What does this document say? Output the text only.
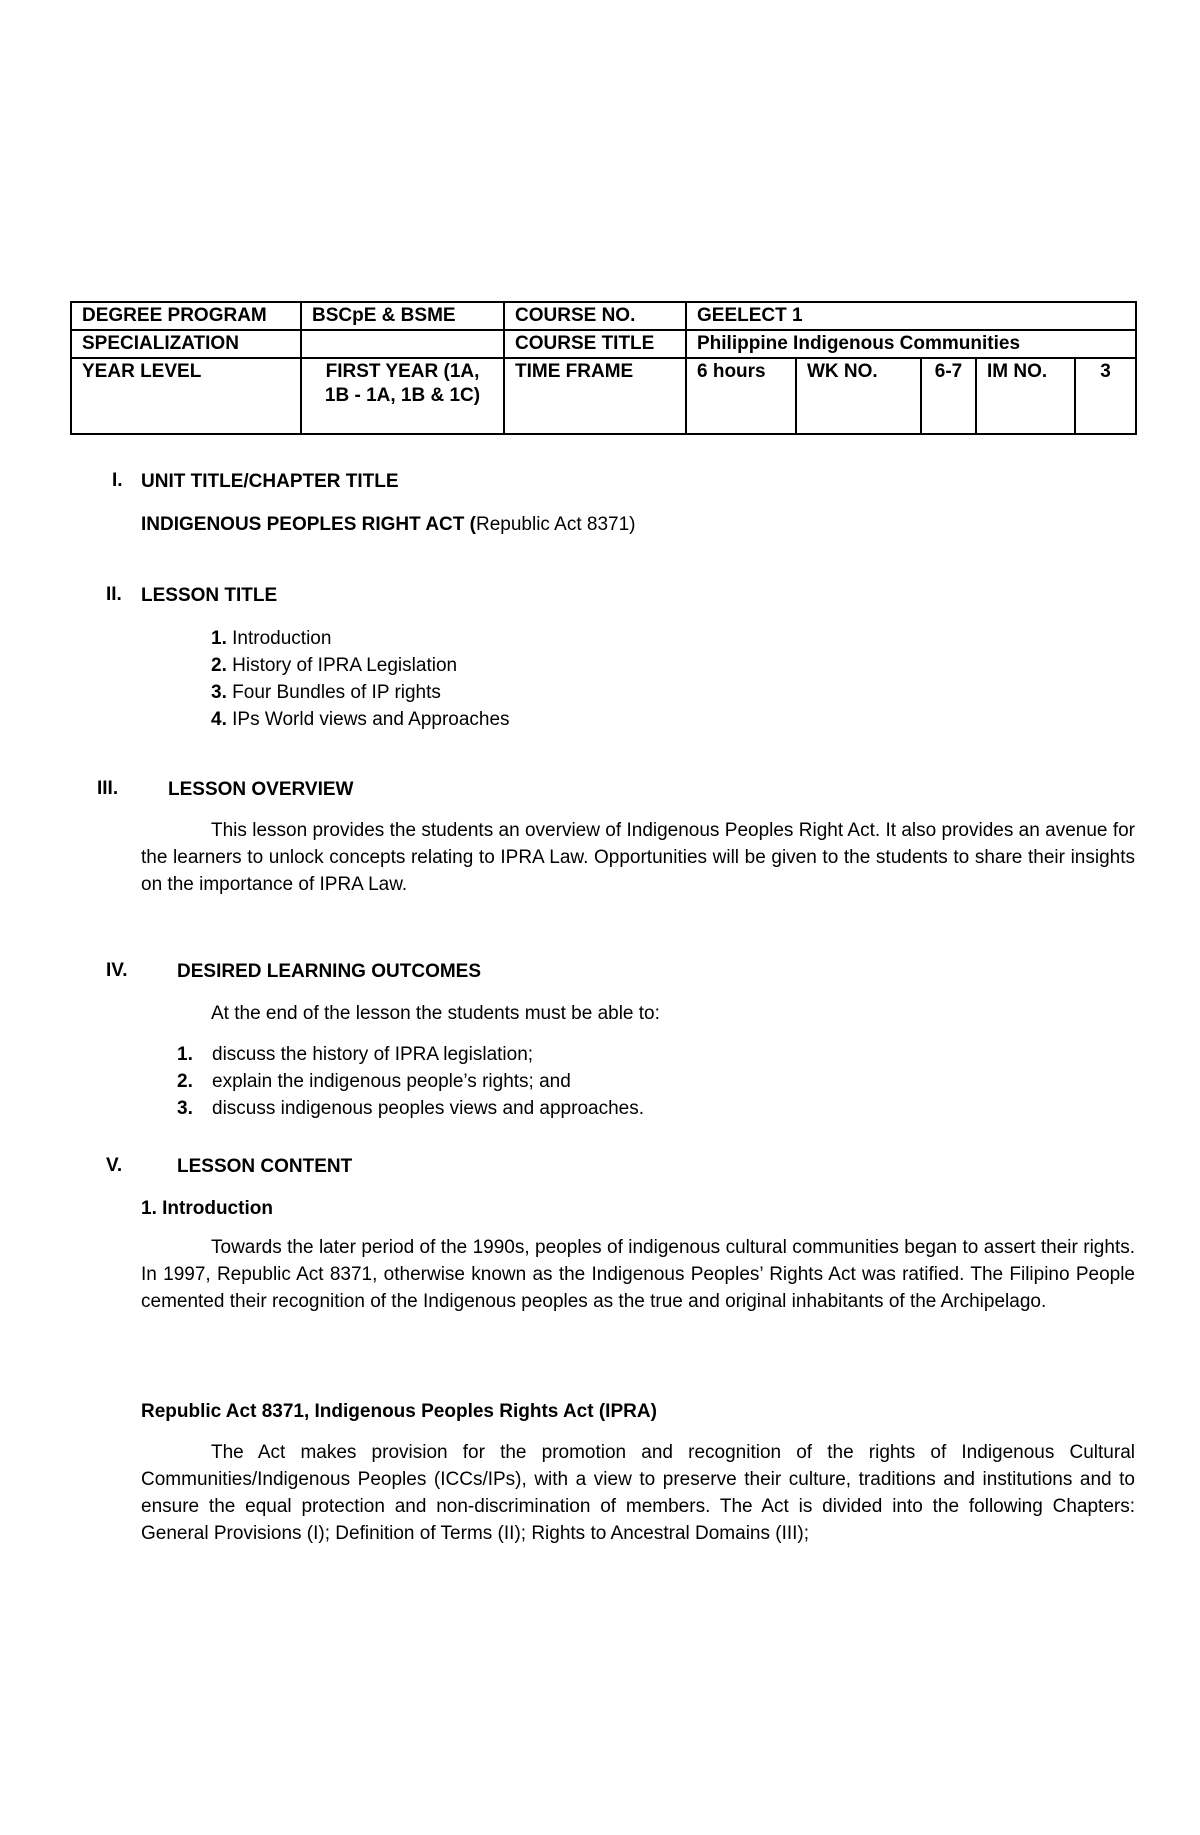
DEGREE PROGRAM	BSCpE & BSME	COURSE NO.	GEELECT 1				
SPECIALIZATION		COURSE TITLE	Philippine Indigenous Communities				
YEAR LEVEL	FIRST YEAR (1A, 1B - 1A, 1B & 1C)	TIME FRAME	6 hours	WK NO.	6-7	IM NO.	3
I. UNIT TITLE/CHAPTER TITLE
INDIGENOUS PEOPLES RIGHT ACT (Republic Act 8371)
II. LESSON TITLE
1. Introduction
2. History of IPRA Legislation
3. Four Bundles of IP rights
4. IPs World views and Approaches
III.	LESSON OVERVIEW
This lesson provides the students an overview of Indigenous Peoples Right Act. It also provides an avenue for the learners to unlock concepts relating to IPRA Law. Opportunities will be given to the students to share their insights on the importance of IPRA Law.
IV.	DESIRED LEARNING OUTCOMES
At the end of the lesson the students must be able to:
1.	discuss the history of IPRA legislation;
2.	explain the indigenous people’s rights; and
3.	discuss indigenous peoples views and approaches.
V.	LESSON CONTENT
1. Introduction
Towards the later period of the 1990s, peoples of indigenous cultural communities began to assert their rights. In 1997, Republic Act 8371, otherwise known as the Indigenous Peoples’ Rights Act was ratified. The Filipino People cemented their recognition of the Indigenous peoples as the true and original inhabitants of the Archipelago.
Republic Act 8371, Indigenous Peoples Rights Act (IPRA)
The Act makes provision for the promotion and recognition of the rights of Indigenous Cultural Communities/Indigenous Peoples (ICCs/IPs), with a view to preserve their culture, traditions and institutions and to ensure the equal protection and non-discrimination of members. The Act is divided into the following Chapters: General Provisions (I); Definition of Terms (II); Rights to Ancestral Domains (III);
